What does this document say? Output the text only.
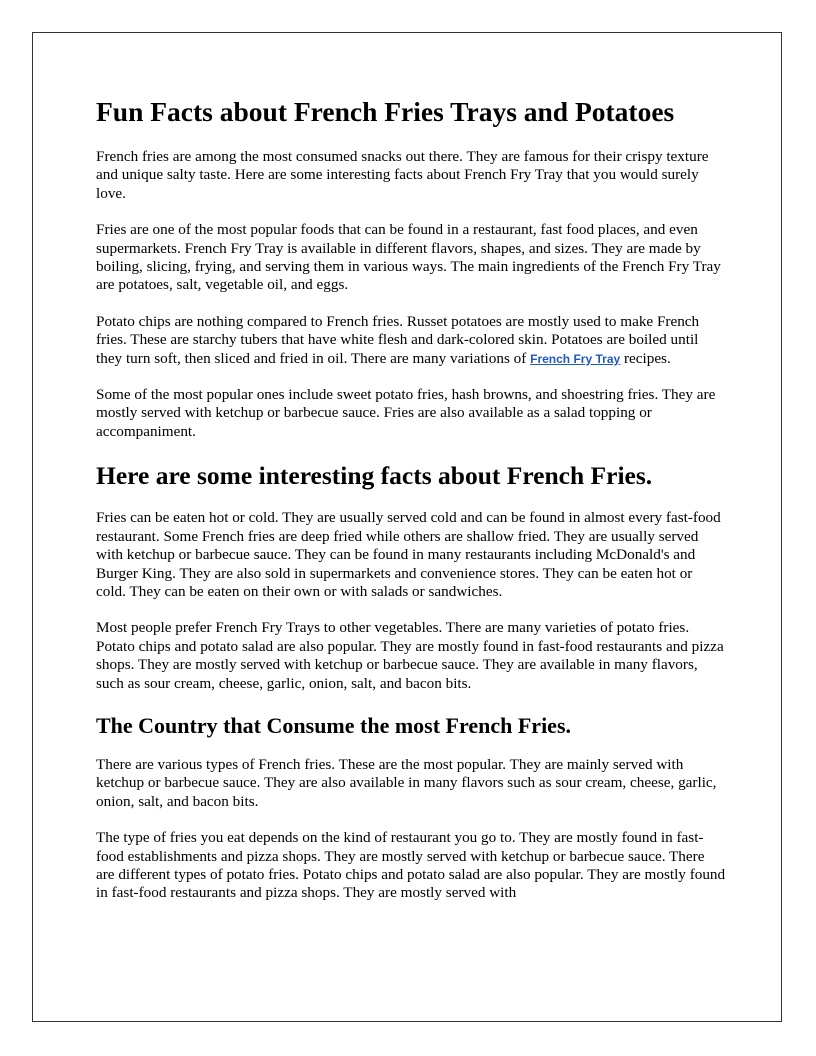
Fun Facts about French Fries Trays and Potatoes

French fries are among the most consumed snacks out there. They are famous for their crispy texture and unique salty taste. Here are some interesting facts about French Fry Tray that you would surely love.

Fries are one of the most popular foods that can be found in a restaurant, fast food places, and even supermarkets. French Fry Tray is available in different flavors, shapes, and sizes. They are made by boiling, slicing, frying, and serving them in various ways. The main ingredients of the French Fry Tray are potatoes, salt, vegetable oil, and eggs.

Potato chips are nothing compared to French fries. Russet potatoes are mostly used to make French fries. These are starchy tubers that have white flesh and dark-colored skin. Potatoes are boiled until they turn soft, then sliced and fried in oil. There are many variations of French Fry Tray recipes.

Some of the most popular ones include sweet potato fries, hash browns, and shoestring fries. They are mostly served with ketchup or barbecue sauce. Fries are also available as a salad topping or accompaniment.

Here are some interesting facts about French Fries.

Fries can be eaten hot or cold. They are usually served cold and can be found in almost every fast-food restaurant. Some French fries are deep fried while others are shallow fried. They are usually served with ketchup or barbecue sauce. They can be found in many restaurants including McDonald's and Burger King. They are also sold in supermarkets and convenience stores. They can be eaten hot or cold. They can be eaten on their own or with salads or sandwiches.

Most people prefer French Fry Trays to other vegetables. There are many varieties of potato fries. Potato chips and potato salad are also popular. They are mostly found in fast-food restaurants and pizza shops. They are mostly served with ketchup or barbecue sauce. They are available in many flavors, such as sour cream, cheese, garlic, onion, salt, and bacon bits.

The Country that Consume the most French Fries.

There are various types of French fries. These are the most popular. They are mainly served with ketchup or barbecue sauce. They are also available in many flavors such as sour cream, cheese, garlic, onion, salt, and bacon bits.

The type of fries you eat depends on the kind of restaurant you go to. They are mostly found in fast-food establishments and pizza shops. They are mostly served with ketchup or barbecue sauce. There are different types of potato fries. Potato chips and potato salad are also popular. They are mostly found in fast-food restaurants and pizza shops. They are mostly served with
